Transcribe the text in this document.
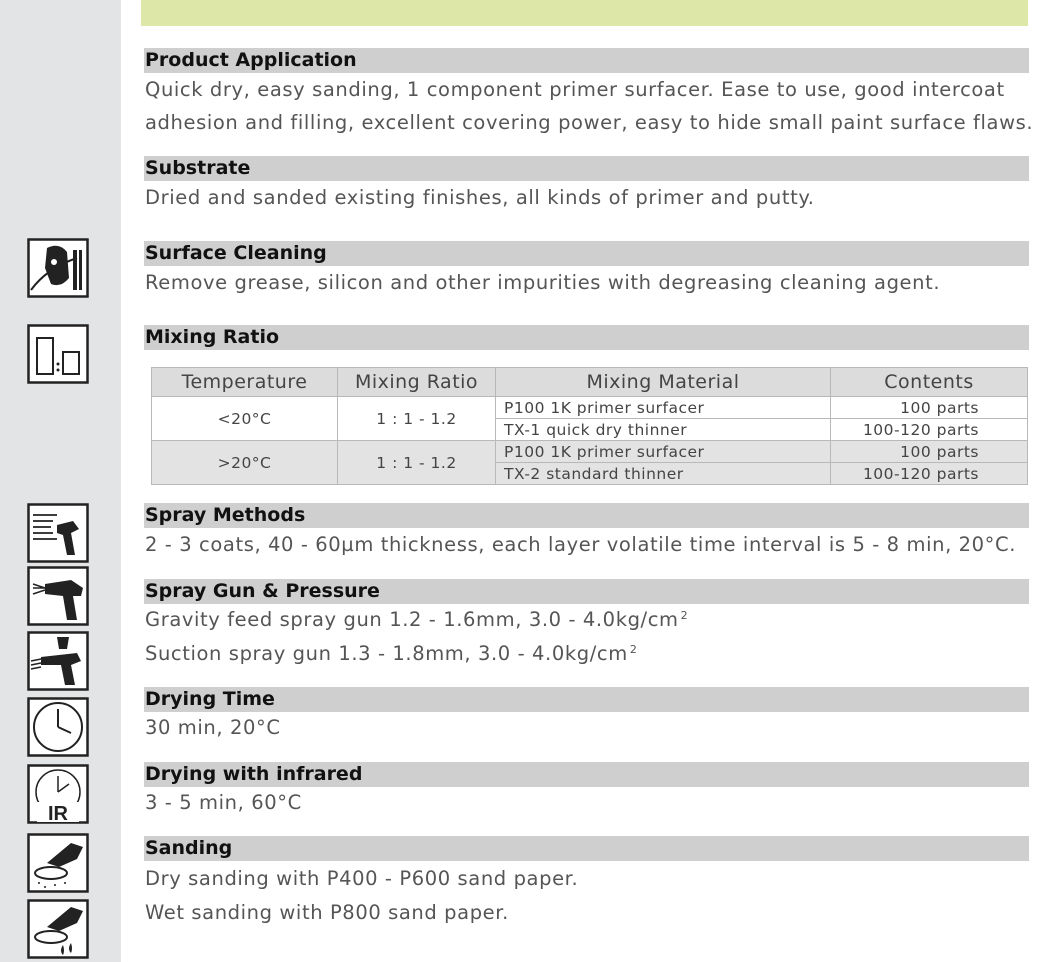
IR
Product Application
Quick dry, easy sanding, 1 component primer surfacer. Ease to use, good intercoat
adhesion and filling, excellent covering power, easy to hide small paint surface flaws.
Substrate
Dried and sanded existing finishes, all kinds of primer and putty.
Surface Cleaning
Remove grease, silicon and other impurities with degreasing cleaning agent.
Mixing Ratio
Temperature	Mixing Ratio	Mixing Material	Contents
<20°C	1 : 1 - 1.2	P100 1K primer surfacer	100 parts
		TX-1 quick dry thinner	100-120 parts
>20°C	1 : 1 - 1.2	P100 1K primer surfacer	100 parts
		TX-2 standard thinner	100-120 parts
Spray Methods
2 - 3 coats, 40 - 60µm thickness, each layer volatile time interval is 5 - 8 min, 20°C.
Spray Gun & Pressure
Gravity feed spray gun 1.2 - 1.6mm, 3.0 - 4.0kg/cm $^2$
Suction spray gun 1.3 - 1.8mm, 3.0 - 4.0kg/cm $^2$
Drying Time
30 min, 20°C
Drying with infrared
3 - 5 min, 60°C
Sanding
Dry sanding with P400 - P600 sand paper.
Wet sanding with P800 sand paper.
